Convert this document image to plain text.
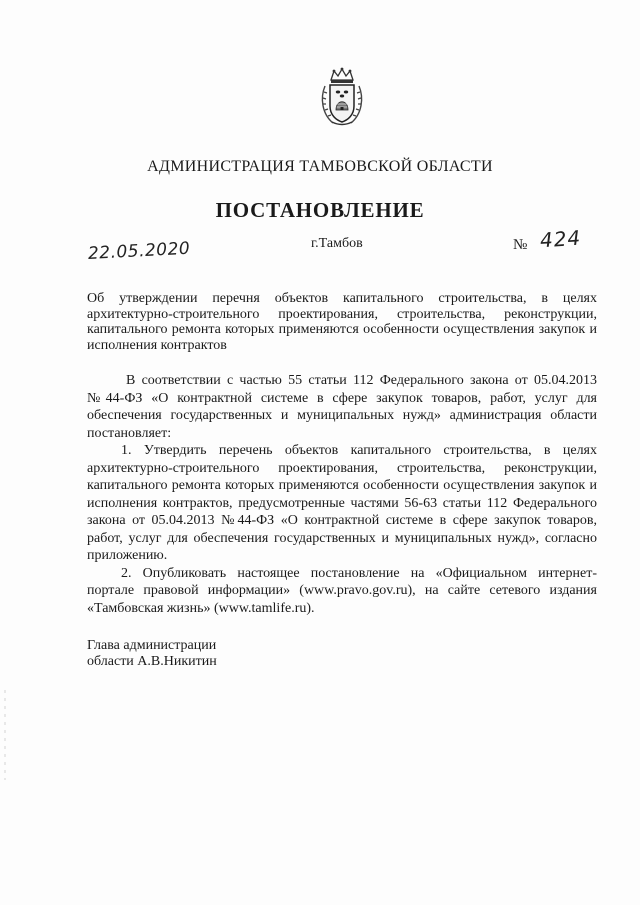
АДМИНИСТРАЦИЯ ТАМБОВСКОЙ ОБЛАСТИ
ПОСТАНОВЛЕНИЕ
22.05.2020	г.Тамбов	№ 424
Об утверждении перечня объектов капитального строительства, в целях архитектурно-строительного проектирования, строительства, реконструкции, капитального ремонта которых применяются особенности осуществления закупок и исполнения контрактов

В соответствии с частью 55 статьи 112 Федерального закона от 05.04.2013 №44-ФЗ «О контрактной системе в сфере закупок товаров, работ, услуг для обеспечения государственных и муниципальных нужд» администрация области постановляет:

1. Утвердить перечень объектов капитального строительства, в целях архитектурно-строительного проектирования, строительства, реконструкции, капитального ремонта которых применяются особенности осуществления закупок и исполнения контрактов, предусмотренные частями 56-63 статьи 112 Федерального закона от 05.04.2013 №44-ФЗ «О контрактной системе в сфере закупок товаров, работ, услуг для обеспечения государственных и муниципальных нужд», согласно приложению.

2. Опубликовать настоящее постановление на «Официальном интернет-портале правовой информации» (www.pravo.gov.ru), на сайте сетевого издания «Тамбовская жизнь» (www.tamlife.ru).

Глава администрации
области А.В.Никитин
